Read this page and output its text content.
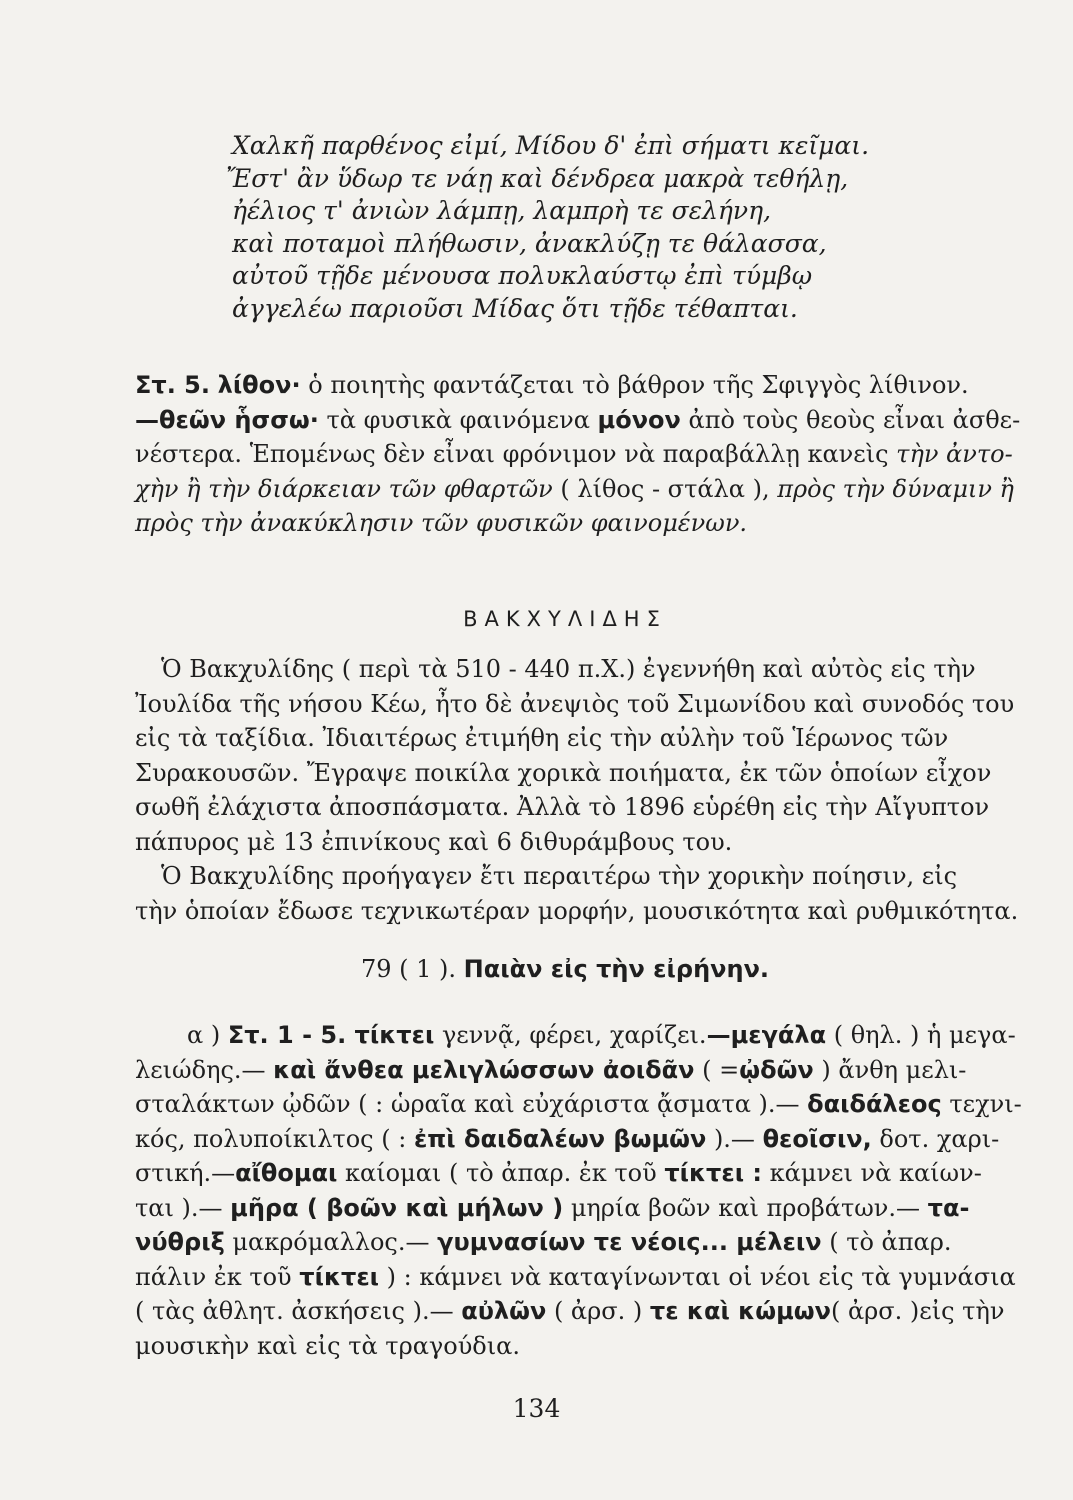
Χαλκῆ παρθένος εἰμί, Μίδου δ' ἐπὶ σήματι κεῖμαι.
Ἔστ' ἂν ὕδωρ τε νάῃ καὶ δένδρεα μακρὰ τεθήλῃ,
ἠέλιος τ' ἀνιὼν λάμπῃ, λαμπρὴ τε σελήνη,
καὶ ποταμοὶ πλήθωσιν, ἀνακλύζῃ τε θάλασσα,
αὐτοῦ τῇδε μένουσα πολυκλαύστῳ ἐπὶ τύμβῳ
ἀγγελέω παριοῦσι Μίδας ὅτι τῇδε τέθαπται.
Στ. 5. λίθον· ὁ ποιητὴς φαντάζεται τὸ βάθρον τῆς Σφιγγὸς λίθινον.
—θεῶν ἧσσω· τὰ φυσικὰ φαινόμενα μόνον ἀπὸ τοὺς θεοὺς εἶναι ἀσθε-
νέστερα. Ἑπομένως δὲν εἶναι φρόνιμον νὰ παραβάλλῃ κανεὶς τὴν ἀντο-
χὴν ἢ τὴν διάρκειαν τῶν φθαρτῶν ( λίθος - στάλα ), πρὸς τὴν δύναμιν ἢ
πρὸς τὴν ἀνακύκλησιν τῶν φυσικῶν φαινομένων.
ΒΑΚΧΥΛΙΔΗΣ
Ὁ Βακχυλίδης ( περὶ τὰ 510 - 440 π.Χ.) ἐγεννήθη καὶ αὐτὸς εἰς τὴν
Ἰουλίδα τῆς νήσου Κέω, ἦτο δὲ ἀνεψιὸς τοῦ Σιμωνίδου καὶ συνοδός του
εἰς τὰ ταξίδια. Ἰδιαιτέρως ἐτιμήθη εἰς τὴν αὐλὴν τοῦ Ἱέρωνος τῶν
Συρακουσῶν. Ἔγραψε ποικίλα χορικὰ ποιήματα, ἐκ τῶν ὁποίων εἶχον
σωθῆ ἐλάχιστα ἀποσπάσματα. Ἀλλὰ τὸ 1896 εὑρέθη εἰς τὴν Αἴγυπτον
πάπυρος μὲ 13 ἐπινίκους καὶ 6 διθυράμβους του.
Ὁ Βακχυλίδης προήγαγεν ἔτι περαιτέρω τὴν χορικὴν ποίησιν, εἰς
τὴν ὁποίαν ἔδωσε τεχνικωτέραν μορφήν, μουσικότητα καὶ ρυθμικότητα.
79 ( 1 ). Παιὰν εἰς τὴν εἰρήνην.
α ) Στ. 1 - 5. τίκτει γεννᾷ, φέρει, χαρίζει.—μεγάλα ( θηλ. ) ἡ μεγα-
λειώδης.— καὶ ἄνθεα μελιγλώσσων ἀοιδᾶν ( =ᾠδῶν ) ἄνθη μελι-
σταλάκτων ᾠδῶν ( : ὡραῖα καὶ εὐχάριστα ᾄσματα ).— δαιδάλεος τεχνι-
κός, πολυποίκιλτος ( : ἐπὶ δαιδαλέων βωμῶν ).— θεοῖσιν, δοτ. χαρι-
στική.—αἴθομαι καίομαι ( τὸ ἀπαρ. ἐκ τοῦ τίκτει : κάμνει νὰ καίων-
ται ).— μῆρα ( βοῶν καὶ μήλων ) μηρία βοῶν καὶ προβάτων.— τα-
νύθριξ μακρόμαλλος.— γυμνασίων τε νέοις... μέλειν ( τὸ ἀπαρ.
πάλιν ἐκ τοῦ τίκτει ) : κάμνει νὰ καταγίνωνται οἱ νέοι εἰς τὰ γυμνάσια
( τὰς ἀθλητ. ἀσκήσεις ).— αὐλῶν ( ἀρσ. ) τε καὶ κώμων( ἀρσ. )εἰς τὴν
μουσικὴν καὶ εἰς τὰ τραγούδια.
134
